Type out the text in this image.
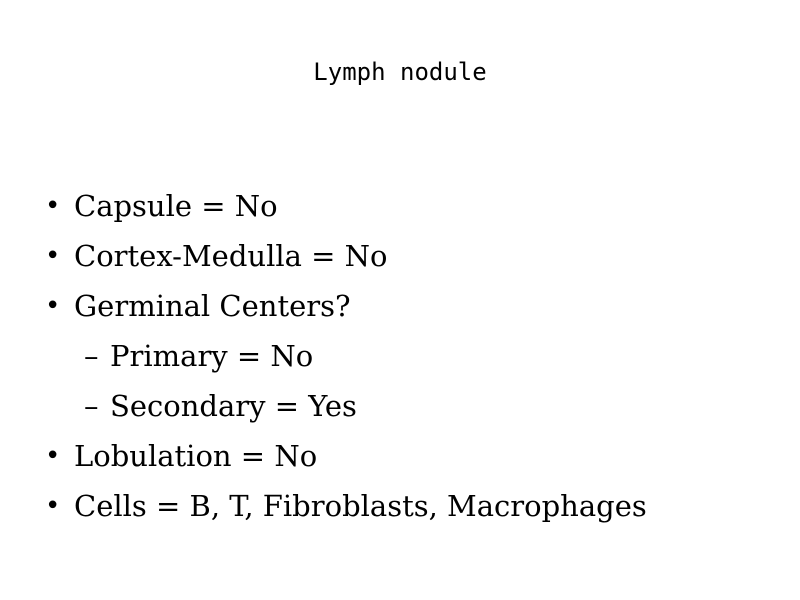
Lymph nodule
• Capsule = No
• Cortex-Medulla = No
• Germinal Centers?
– Primary = No
– Secondary = Yes
• Lobulation = No
• Cells = B, T, Fibroblasts, Macrophages
